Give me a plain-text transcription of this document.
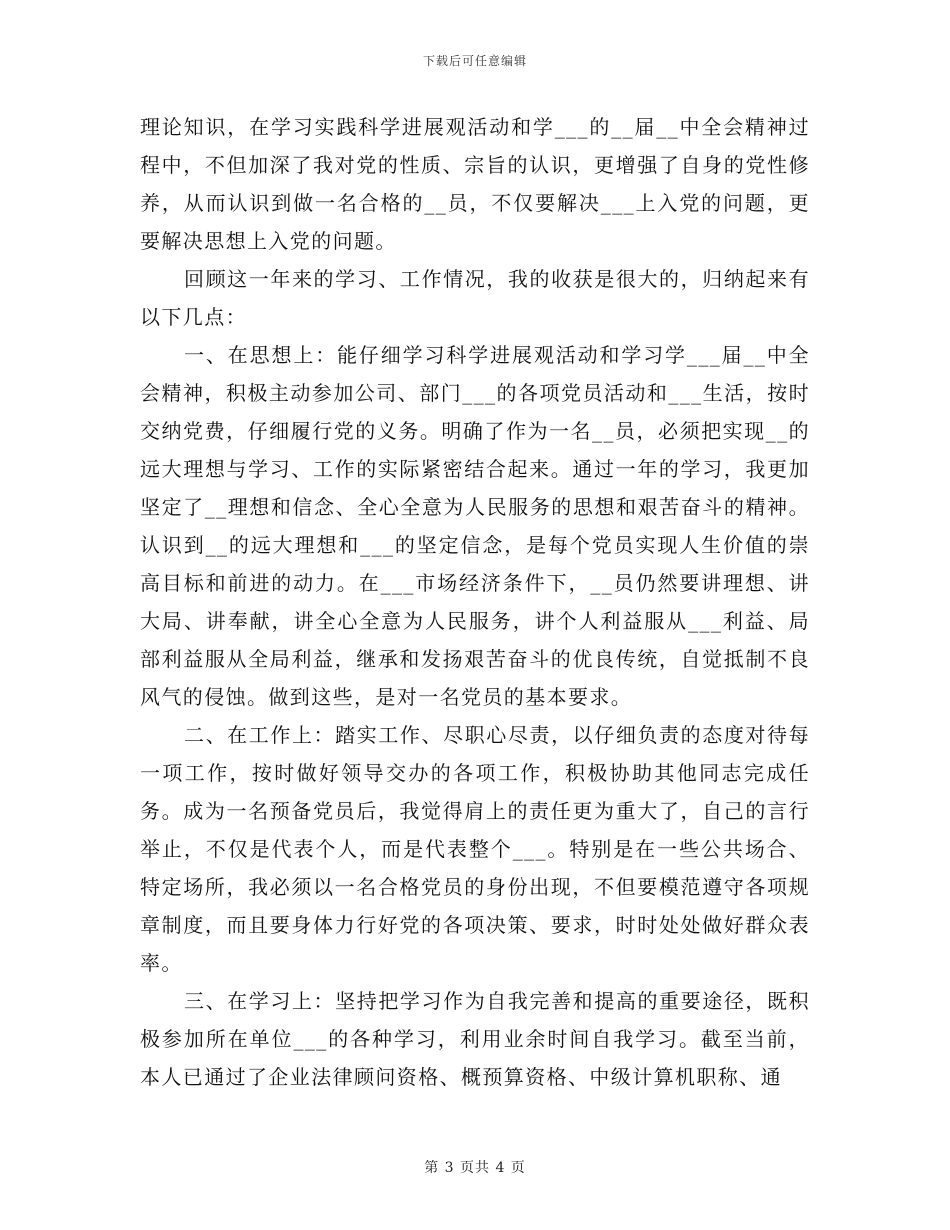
下载后可任意编辑

理论知识，在学习实践科学进展观活动和学___的__届__中全会精神过程中，不但加深了我对党的性质、宗旨的认识，更增强了自身的党性修养，从而认识到做一名合格的__员，不仅要解决___上入党的问题，更要解决思想上入党的问题。

回顾这一年来的学习、工作情况，我的收获是很大的，归纳起来有以下几点：

一、在思想上：能仔细学习科学进展观活动和学习学___届__中全会精神，积极主动参加公司、部门___的各项党员活动和___生活，按时交纳党费，仔细履行党的义务。明确了作为一名__员，必须把实现__的远大理想与学习、工作的实际紧密结合起来。通过一年的学习，我更加坚定了__理想和信念、全心全意为人民服务的思想和艰苦奋斗的精神。认识到__的远大理想和___的坚定信念，是每个党员实现人生价值的崇高目标和前进的动力。在___市场经济条件下，__员仍然要讲理想、讲大局、讲奉献，讲全心全意为人民服务，讲个人利益服从___利益、局部利益服从全局利益，继承和发扬艰苦奋斗的优良传统，自觉抵制不良风气的侵蚀。做到这些，是对一名党员的基本要求。

二、在工作上：踏实工作、尽职心尽责，以仔细负责的态度对待每一项工作，按时做好领导交办的各项工作，积极协助其他同志完成任务。成为一名预备党员后，我觉得肩上的责任更为重大了，自己的言行举止，不仅是代表个人，而是代表整个___。特别是在一些公共场合、特定场所，我必须以一名合格党员的身份出现，不但要模范遵守各项规章制度，而且要身体力行好党的各项决策、要求，时时处处做好群众表率。

三、在学习上：坚持把学习作为自我完善和提高的重要途径，既积极参加所在单位___的各种学习，利用业余时间自我学习。截至当前，本人已通过了企业法律顾问资格、概预算资格、中级计算机职称、通

第 3 页共 4 页
